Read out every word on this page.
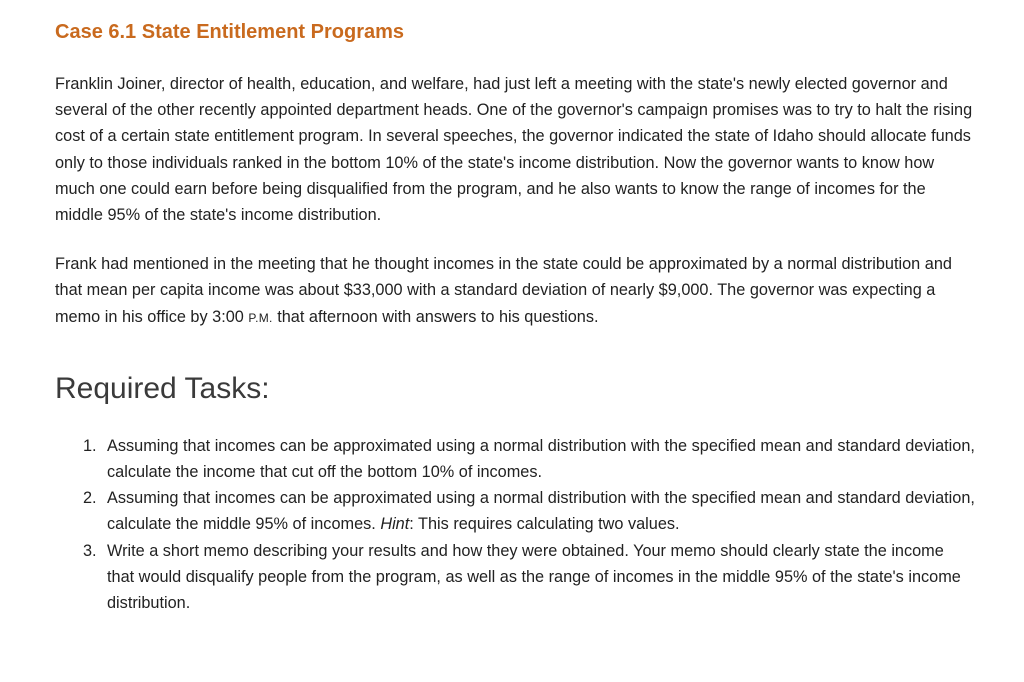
Case 6.1 State Entitlement Programs

Franklin Joiner, director of health, education, and welfare, had just left a meeting with the state's newly elected governor and several of the other recently appointed department heads. One of the governor's campaign promises was to try to halt the rising cost of a certain state entitlement program. In several speeches, the governor indicated the state of Idaho should allocate funds only to those individuals ranked in the bottom 10% of the state's income distribution. Now the governor wants to know how much one could earn before being disqualified from the program, and he also wants to know the range of incomes for the middle 95% of the state's income distribution.

Frank had mentioned in the meeting that he thought incomes in the state could be approximated by a normal distribution and that mean per capita income was about $33,000 with a standard deviation of nearly $9,000. The governor was expecting a memo in his office by 3:00 P.M. that afternoon with answers to his questions.

Required Tasks:
1. Assuming that incomes can be approximated using a normal distribution with the specified mean and standard deviation, calculate the income that cut off the bottom 10% of incomes.
2. Assuming that incomes can be approximated using a normal distribution with the specified mean and standard deviation, calculate the middle 95% of incomes. Hint: This requires calculating two values.
3. Write a short memo describing your results and how they were obtained. Your memo should clearly state the income that would disqualify people from the program, as well as the range of incomes in the middle 95% of the state's income distribution.
